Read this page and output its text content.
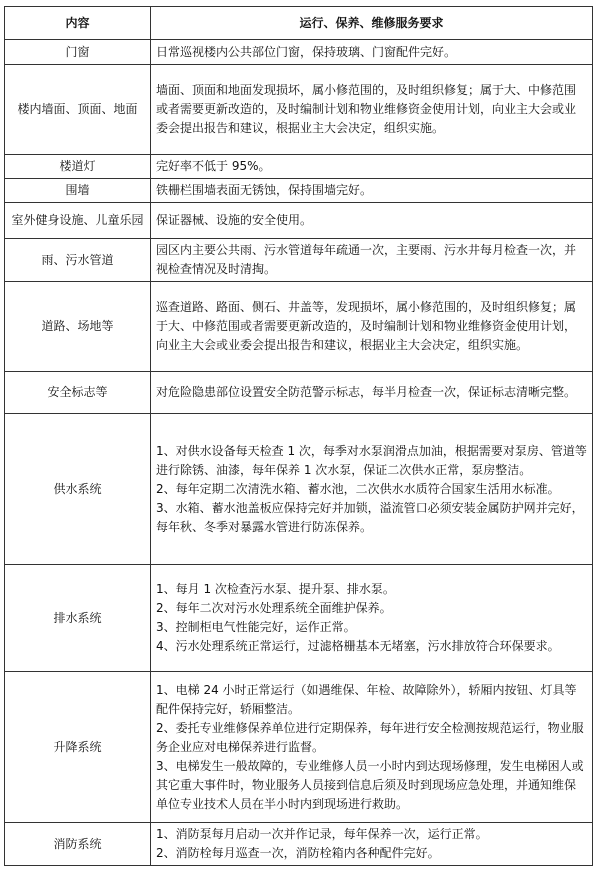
内容	运行、保养、维修服务要求
门窗	日常巡视楼内公共部位门窗，保持玻璃、门窗配件完好。

楼内墙面、顶面、地面	墙面、顶面和地面发现损坏，属小修范围的，及时组织修复；属于大、中修范围或者需要更新改造的，及时编制计划和物业维修资金使用计划，向业主大会或业委会提出报告和建议，根据业主大会决定，组织实施。

楼道灯	完好率不低于 95%。

围墙	铁栅栏围墙表面无锈蚀，保持围墙完好。

室外健身设施、儿童乐园	保证器械、设施的安全使用。

雨、污水管道	园区内主要公共雨、污水管道每年疏通一次，主要雨、污水井每月检查一次，并视检查情况及时清掏。

道路、场地等	巡查道路、路面、侧石、井盖等，发现损坏，属小修范围的，及时组织修复；属于大、中修范围或者需要更新改造的，及时编制计划和物业维修资金使用计划，向业主大会或业委会提出报告和建议，根据业主大会决定，组织实施。

安全标志等	对危险隐患部位设置安全防范警示标志，每半月检查一次，保证标志清晰完整。

供水系统	1、对供水设备每天检查 1 次，每季对水泵润滑点加油，根据需要对泵房、管道等进行除锈、油漆，每年保养 1 次水泵，保证二次供水正常，泵房整洁。
2、每年定期二次清洗水箱、蓄水池，二次供水水质符合国家生活用水标准。
3、水箱、蓄水池盖板应保持完好并加锁，溢流管口必须安装金属防护网并完好，每年秋、冬季对暴露水管进行防冻保养。

排水系统	1、每月 1 次检查污水泵、提升泵、排水泵。
2、每年二次对污水处理系统全面维护保养。
3、控制柜电气性能完好，运作正常。
4、污水处理系统正常运行，过滤格栅基本无堵塞，污水排放符合环保要求。

升降系统	1、电梯 24 小时正常运行（如遇维保、年检、故障除外），轿厢内按钮、灯具等配件保持完好，轿厢整洁。
2、委托专业维修保养单位进行定期保养，每年进行安全检测按规范运行，物业服务企业应对电梯保养进行监督。
3、电梯发生一般故障的，专业维修人员一小时内到达现场修理，发生电梯困人或其它重大事件时，物业服务人员接到信息后须及时到现场应急处理，并通知维保单位专业技术人员在半小时内到现场进行救助。

消防系统	1、消防泵每月启动一次并作记录，每年保养一次，运行正常。
2、消防栓每月巡查一次，消防栓箱内各种配件完好。
